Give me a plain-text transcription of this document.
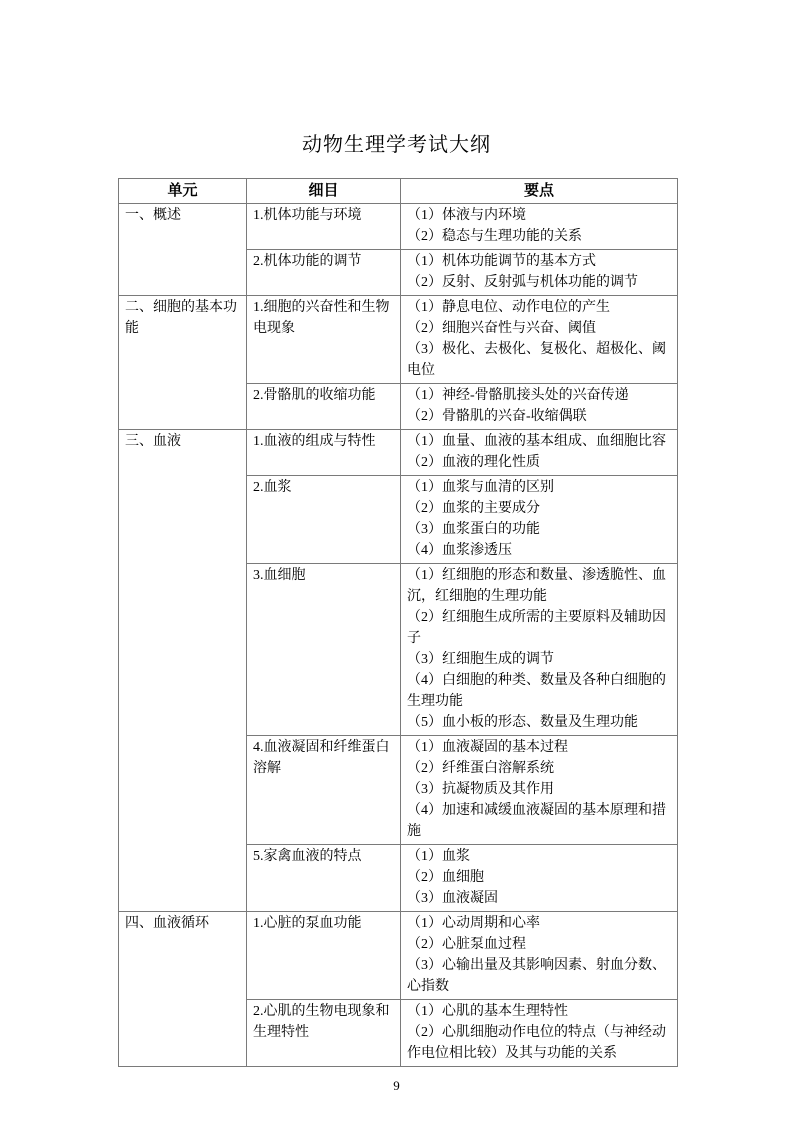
动物生理学考试大纲
单元	细目	要点
一、概述	1.机体功能与环境	（1）体液与内环境
（2）稳态与生理功能的关系

	2.机体功能的调节	（1）机体功能调节的基本方式
（2）反射、反射弧与机体功能的调节

二、细胞的基本功能	1.细胞的兴奋性和生物电现象	（1）静息电位、动作电位的产生
（2）细胞兴奋性与兴奋、阈值
（3）极化、去极化、复极化、超极化、阈电位

	2.骨骼肌的收缩功能	（1）神经-骨骼肌接头处的兴奋传递
（2）骨骼肌的兴奋-收缩偶联

三、血液	1.血液的组成与特性	（1）血量、血液的基本组成、血细胞比容
（2）血液的理化性质

	2.血浆	（1）血浆与血清的区别
（2）血浆的主要成分
（3）血浆蛋白的功能
（4）血浆渗透压

	3.血细胞	（1）红细胞的形态和数量、渗透脆性、血沉，红细胞的生理功能
（2）红细胞生成所需的主要原料及辅助因子
（3）红细胞生成的调节
（4）白细胞的种类、数量及各种白细胞的生理功能
（5）血小板的形态、数量及生理功能

	4.血液凝固和纤维蛋白溶解	（1）血液凝固的基本过程
（2）纤维蛋白溶解系统
（3）抗凝物质及其作用
（4）加速和减缓血液凝固的基本原理和措施

	5.家禽血液的特点	（1）血浆
（2）血细胞
（3）血液凝固

四、血液循环	1.心脏的泵血功能	（1）心动周期和心率
（2）心脏泵血过程
（3）心输出量及其影响因素、射血分数、心指数

	2.心肌的生物电现象和生理特性	（1）心肌的基本生理特性
（2）心肌细胞动作电位的特点（与神经动作电位相比较）及其与功能的关系
9
